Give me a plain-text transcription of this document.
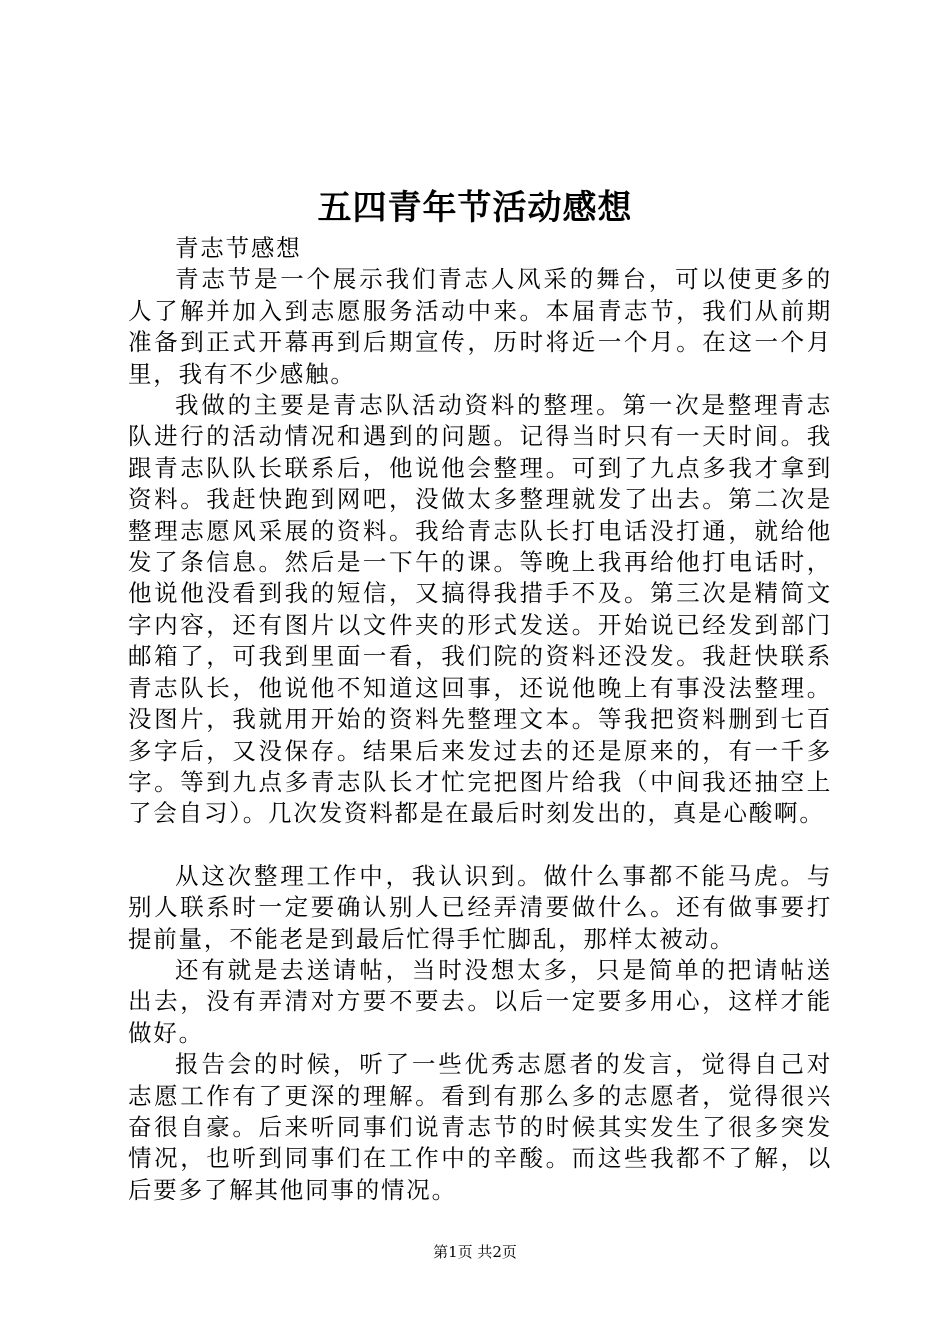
五四青年节活动感想

青志节感想

青志节是一个展示我们青志人风采的舞台，可以使更多的人了解并加入到志愿服务活动中来。本届青志节，我们从前期准备到正式开幕再到后期宣传，历时将近一个月。在这一个月里，我有不少感触。

我做的主要是青志队活动资料的整理。第一次是整理青志队进行的活动情况和遇到的问题。记得当时只有一天时间。我跟青志队队长联系后，他说他会整理。可到了九点多我才拿到资料。我赶快跑到网吧，没做太多整理就发了出去。第二次是整理志愿风采展的资料。我给青志队长打电话没打通，就给他发了条信息。然后是一下午的课。等晚上我再给他打电话时，他说他没看到我的短信，又搞得我措手不及。第三次是精简文字内容，还有图片以文件夹的形式发送。开始说已经发到部门邮箱了，可我到里面一看，我们院的资料还没发。我赶快联系青志队长，他说他不知道这回事，还说他晚上有事没法整理。没图片，我就用开始的资料先整理文本。等我把资料删到七百多字后，又没保存。结果后来发过去的还是原来的，有一千多字。等到九点多青志队长才忙完把图片给我（中间我还抽空上了会自习）。几次发资料都是在最后时刻发出的，真是心酸啊。

从这次整理工作中，我认识到。做什么事都不能马虎。与别人联系时一定要确认别人已经弄清要做什么。还有做事要打提前量，不能老是到最后忙得手忙脚乱，那样太被动。

还有就是去送请帖，当时没想太多，只是简单的把请帖送出去，没有弄清对方要不要去。以后一定要多用心，这样才能做好。

报告会的时候，听了一些优秀志愿者的发言，觉得自己对志愿工作有了更深的理解。看到有那么多的志愿者，觉得很兴奋很自豪。后来听同事们说青志节的时候其实发生了很多突发情况，也听到同事们在工作中的辛酸。而这些我都不了解，以后要多了解其他同事的情况。

第1页 共2页
